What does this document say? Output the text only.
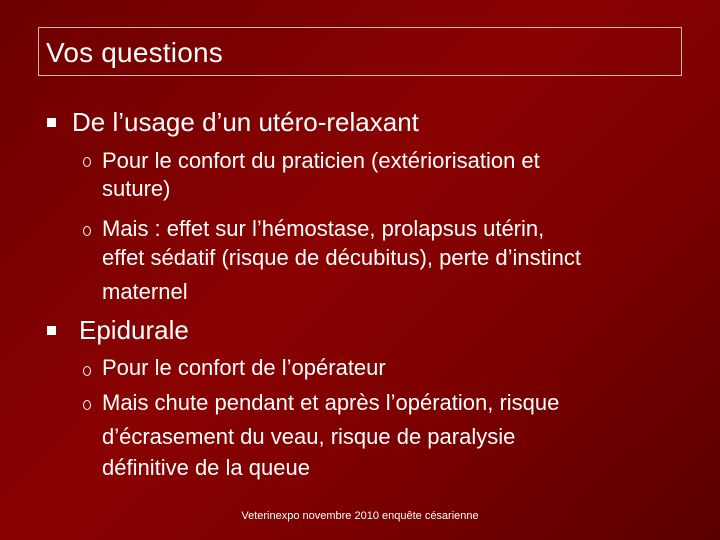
Vos questions
De l’usage d’un utéro-relaxant
Pour le confort du praticien (extériorisation et
suture)
Mais : effet sur l’hémostase, prolapsus utérin,
effet sédatif (risque de décubitus), perte d’instinct
maternel
Epidurale
Pour le confort de l’opérateur
Mais chute pendant et après l’opération, risque
d’écrasement du veau, risque de paralysie
définitive de la queue
Veterinexpo novembre 2010 enquête césarienne
